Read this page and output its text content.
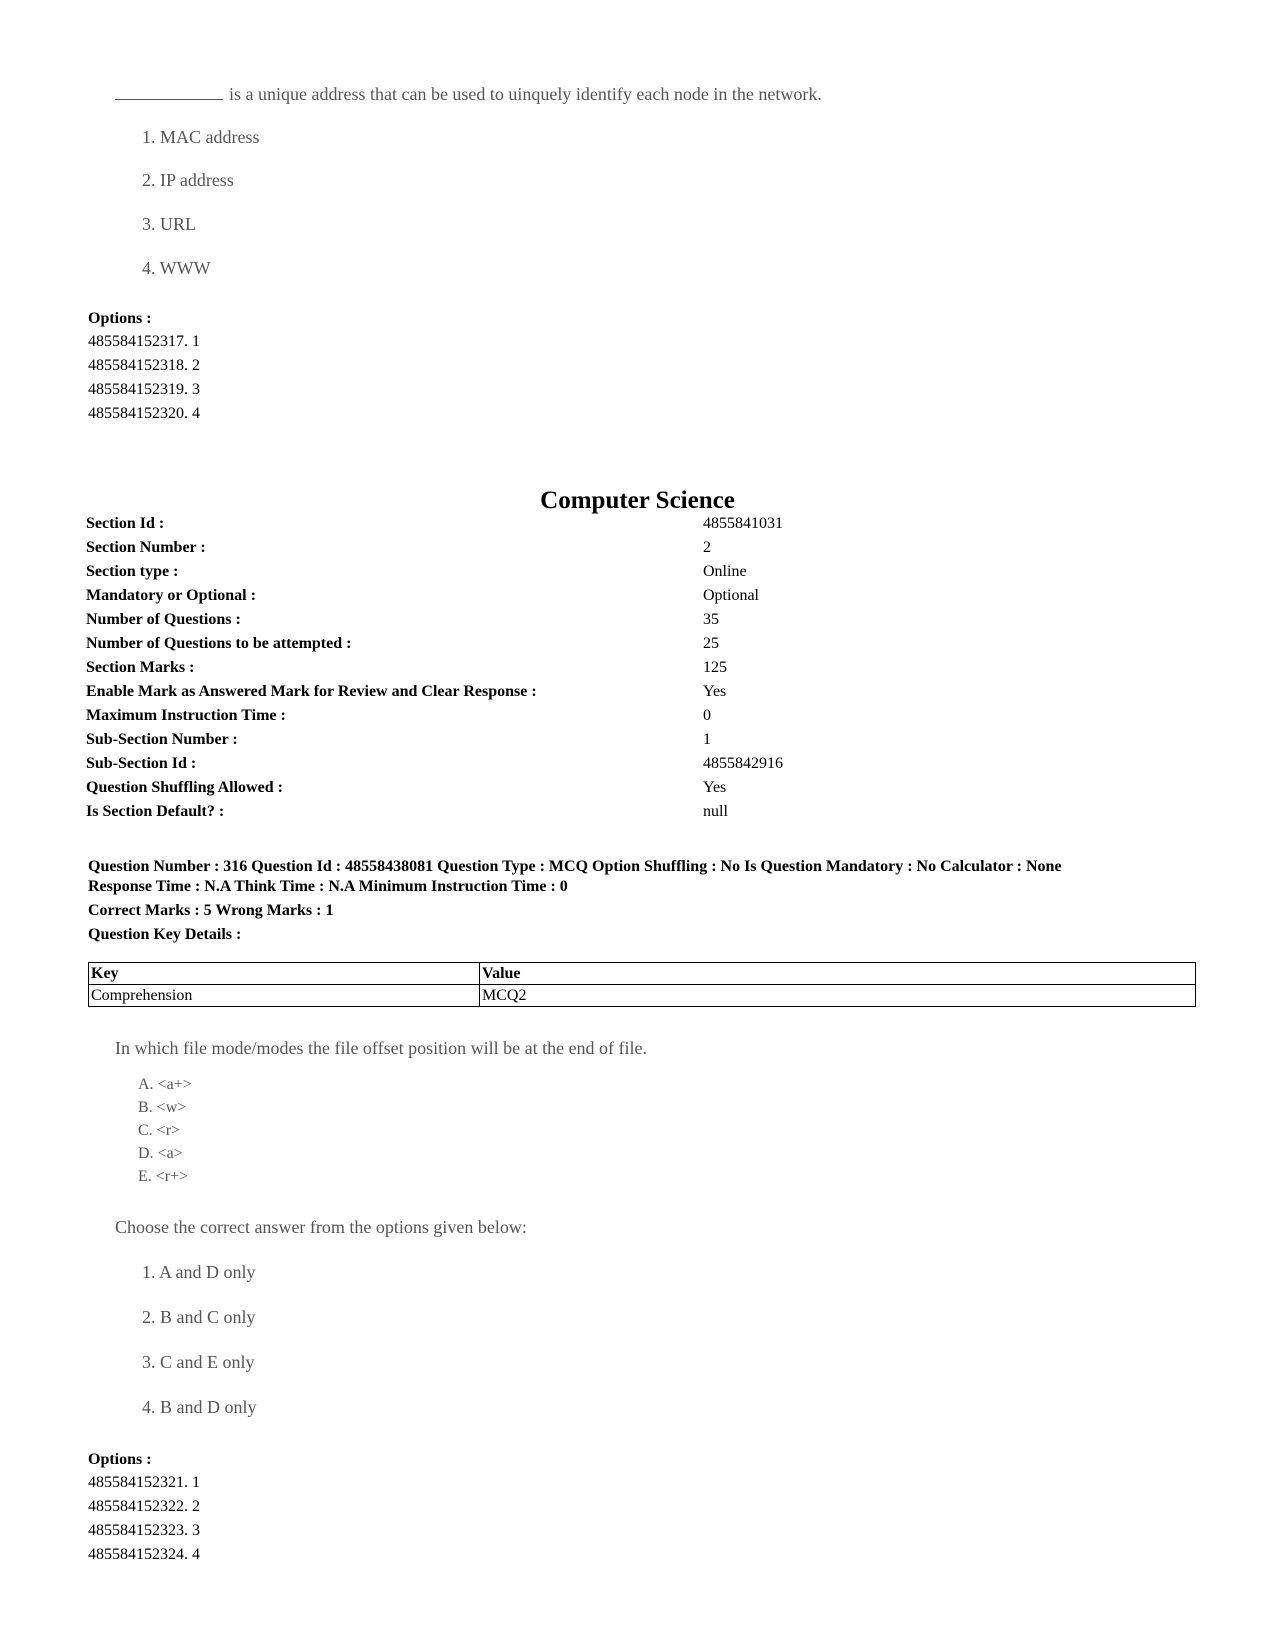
is a unique address that can be used to uinquely identify each node in the network.
1. MAC address
2. IP address
3. URL
4. WWW
Options :
485584152317. 1
485584152318. 2
485584152319. 3
485584152320. 4
Computer Science
Section Id :	4855841031
Section Number :	2
Section type :	Online
Mandatory or Optional :	Optional
Number of Questions :	35
Number of Questions to be attempted :	25
Section Marks :	125
Enable Mark as Answered Mark for Review and Clear Response :	Yes
Maximum Instruction Time :	0
Sub-Section Number :	1
Sub-Section Id :	4855842916
Question Shuffling Allowed :	Yes
Is Section Default? :	null
Question Number : 316 Question Id : 48558438081 Question Type : MCQ Option Shuffling : No Is Question Mandatory : No Calculator : None
Response Time : N.A Think Time : N.A Minimum Instruction Time : 0
Correct Marks : 5 Wrong Marks : 1
Question Key Details :
Key	Value
Comprehension	MCQ2
In which file mode/modes the file offset position will be at the end of file.
A. <a+>
B. <w>
C. <r>
D. <a>
E. <r+>
Choose the correct answer from the options given below:
1. A and D only
2. B and C only
3. C and E only
4. B and D only
Options :
485584152321. 1
485584152322. 2
485584152323. 3
485584152324. 4
